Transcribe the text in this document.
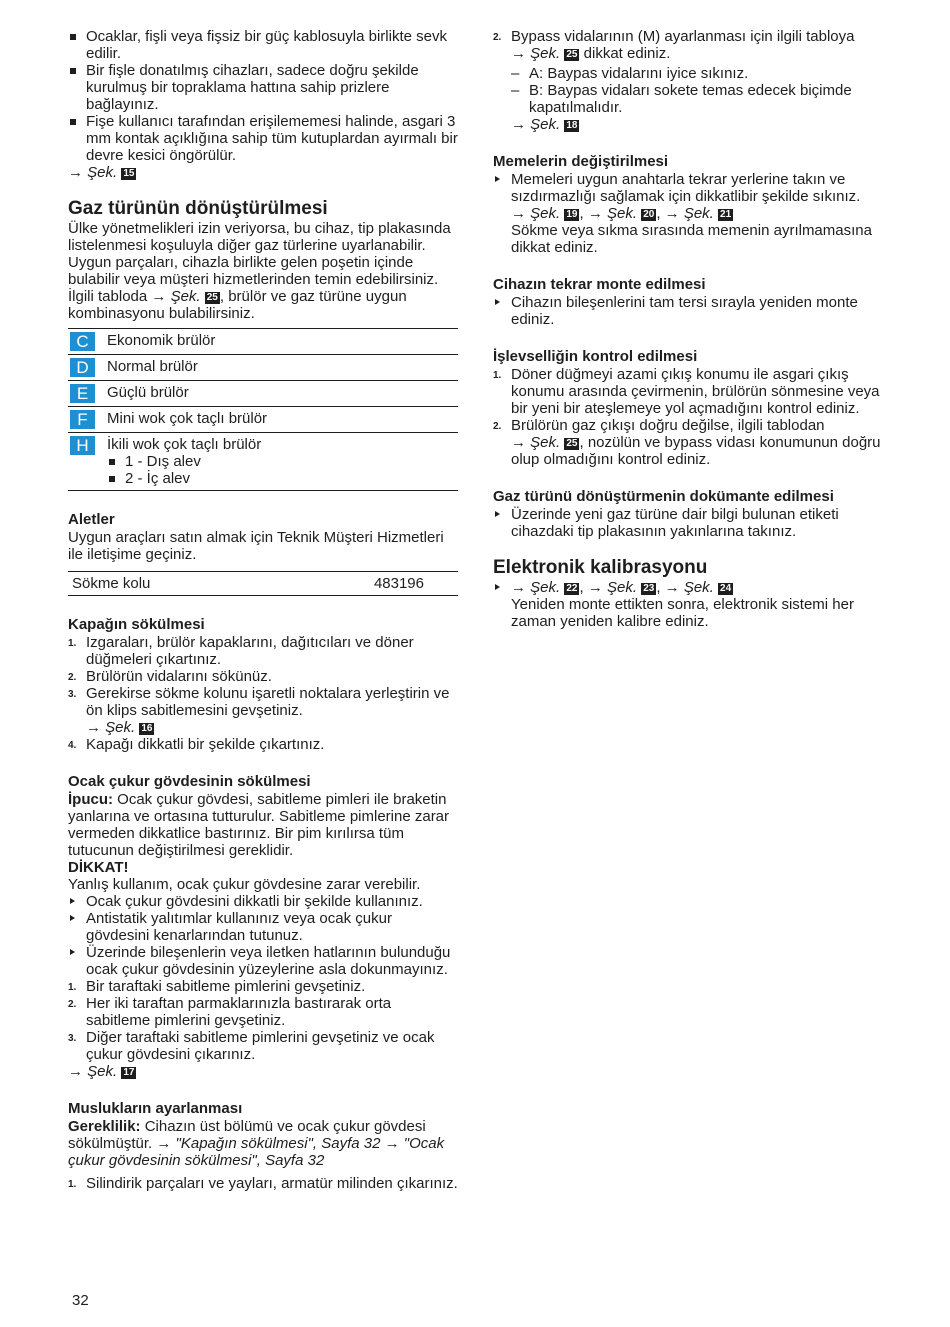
Ocaklar, fişli veya fişsiz bir güç kablosuyla birlikte sevk edilir.
Bir fişle donatılmış cihazları, sadece doğru şekilde kurulmuş bir topraklama hattına sahip prizlere bağlayınız.
Fişe kullanıcı tarafından erişilememesi halinde, asgari 3 mm kontak açıklığına sahip tüm kutuplardan ayırmalı bir devre kesici öngörülür.

→ Şek. 15

Gaz türünün dönüştürülmesi

Ülke yönetmelikleri izin veriyorsa, bu cihaz, tip plakasında listelenmesi koşuluyla diğer gaz türlerine uyarlanabilir.

Uygun parçaları, cihazla birlikte gelen poşetin içinde bulabilir veya müşteri hizmetlerinden temin edebilirsiniz. İlgili tabloda → Şek. 25 , brülör ve gaz türüne uygun kombinasyonu bulabilirsiniz.

C	Ekonomik brülör
D	Normal brülör
E	Güçlü brülör
F	Mini wok çok taçlı brülör
H	İkili wok çok taçlı brülör
1 - Dış alev
2 - İç alev
Aletler

Uygun araçları satın almak için Teknik Müşteri Hizmetleri ile iletişime geçiniz.

Sökme kolu	483196
Kapağın sökülmesi
1. Izgaraları, brülör kapaklarını, dağıtıcıları ve döner düğmeleri çıkartınız.
2. Brülörün vidalarını sökünüz.
3. Gerekirse sökme kolunu işaretli noktalara yerleştirin ve ön klips sabitlemesini gevşetiniz.
→ Şek. 16
4. Kapağı dikkatli bir şekilde çıkartınız.
Ocak çukur gövdesinin sökülmesi

İpucu: Ocak çukur gövdesi, sabitleme pimleri ile braketin yanlarına ve ortasına tutturulur. Sabitleme pimlerine zarar vermeden dikkatlice bastırınız. Bir pim kırılırsa tüm tutucunun değiştirilmesi gereklidir.

DİKKAT!

Yanlış kullanım, ocak çukur gövdesine zarar verebilir.

Ocak çukur gövdesini dikkatli bir şekilde kullanınız.
Antistatik yalıtımlar kullanınız veya ocak çukur gövdesini kenarlarından tutunuz.
Üzerinde bileşenlerin veya iletken hatlarının bulunduğu ocak çukur gövdesinin yüzeylerine asla dokunmayınız.
1. Bir taraftaki sabitleme pimlerini gevşetiniz.
2. Her iki taraftan parmaklarınızla bastırarak orta sabitleme pimlerini gevşetiniz.
3. Diğer taraftaki sabitleme pimlerini gevşetiniz ve ocak çukur gövdesini çıkarınız.

→ Şek. 17

Muslukların ayarlanması

Gereklilik: Cihazın üst bölümü ve ocak çukur gövdesi sökülmüştür. → "Kapağın sökülmesi", Sayfa 32 → "Ocak çukur gövdesinin sökülmesi", Sayfa 32

1. Silindirik parçaları ve yayları, armatür milinden çıkarınız.
2. Bypass vidalarının (M) ayarlanması için ilgili tabloya → Şek. 25 dikkat ediniz.
– A: Baypas vidalarını iyice sıkınız.
– B: Baypas vidaları sokete temas edecek biçimde kapatılmalıdır.

→ Şek. 18

Memelerin değiştirilmesi
Memeleri uygun anahtarla tekrar yerlerine takın ve sızdırmazlığı sağlamak için dikkatlibir şekilde sıkınız.
→ Şek. 19 , → Şek. 20 , → Şek. 21
Sökme veya sıkma sırasında memenin ayrılmamasına dikkat ediniz.
Cihazın tekrar monte edilmesi
Cihazın bileşenlerini tam tersi sırayla yeniden monte ediniz.
İşlevselliğin kontrol edilmesi
1. Döner düğmeyi azami çıkış konumu ile asgari çıkış konumu arasında çevirmenin, brülörün sönmesine veya bir yeni bir ateşlemeye yol açmadığını kontrol ediniz.
2. Brülörün gaz çıkışı doğru değilse, ilgili tablodan → Şek. 25 , nozülün ve bypass vidası konumunun doğru olup olmadığını kontrol ediniz.
Gaz türünü dönüştürmenin dokümante edilmesi
Üzerinde yeni gaz türüne dair bilgi bulunan etiketi cihazdaki tip plakasının yakınlarına takınız.
Elektronik kalibrasyonu
→ Şek. 22 , → Şek. 23 , → Şek. 24
Yeniden monte ettikten sonra, elektronik sistemi her zaman yeniden kalibre ediniz.
32
